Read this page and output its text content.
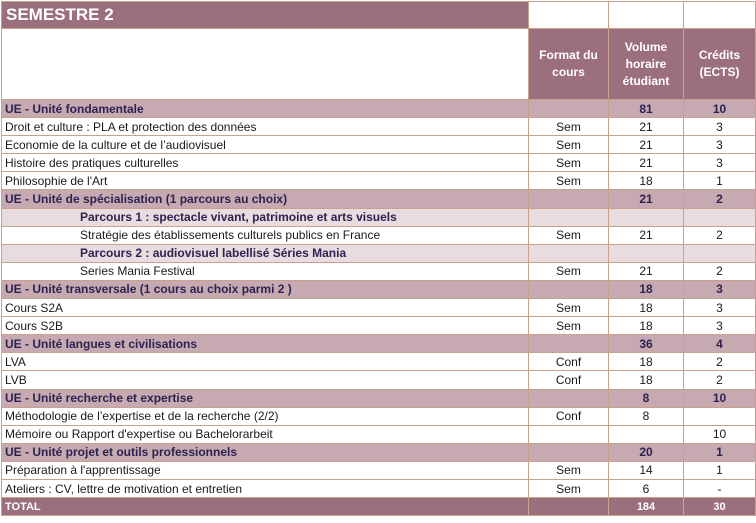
SEMESTRE 2			
	Format du cours	Volume horaire étudiant	Crédits (ECTS)
UE - Unité fondamentale		81	10
Droit et culture : PLA et protection des données	Sem	21	3
Economie de la culture et de l’audiovisuel	Sem	21	3
Histoire des pratiques culturelles	Sem	21	3
Philosophie de l'Art	Sem	18	1
UE - Unité de spécialisation (1 parcours au choix)		21	2
Parcours 1 : spectacle vivant, patrimoine et arts visuels			
Stratégie des établissements culturels publics en France	Sem	21	2
Parcours 2 : audiovisuel labellisé Séries Mania			
Series Mania Festival	Sem	21	2
UE - Unité transversale (1 cours au choix parmi 2 )		18	3
Cours S2A	Sem	18	3
Cours S2B	Sem	18	3
UE - Unité langues et civilisations		36	4
LVA	Conf	18	2
LVB	Conf	18	2
UE - Unité recherche et expertise		8	10
Méthodologie de l’expertise et de la recherche (2/2)	Conf	8	
Mémoire ou Rapport d'expertise ou Bachelorarbeit			10
UE - Unité projet et outils professionnels		20	1
Préparation à l'apprentissage	Sem	14	1
Ateliers : CV, lettre de motivation et entretien	Sem	6	-
TOTAL		184	30
